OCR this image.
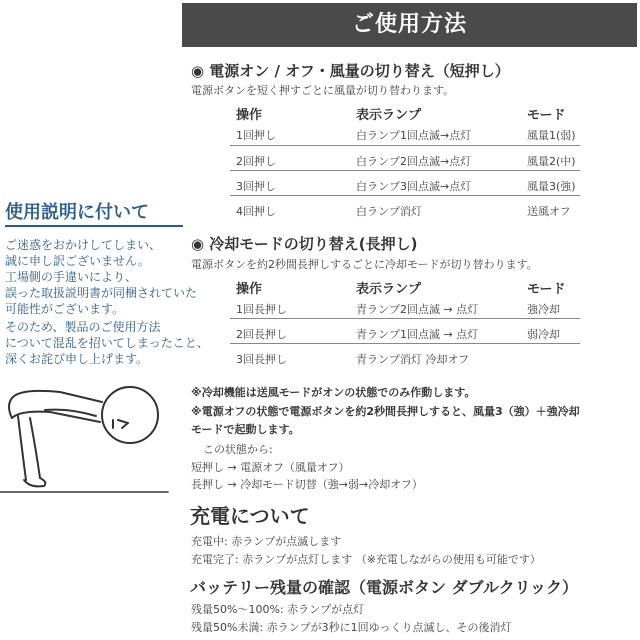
ご使用方法
使用説明に付いて
ご迷惑をおかけしてしまい、
誠に申し訳ございません。
工場側の手違いにより、
誤った取扱説明書が同梱されていた
可能性がございます。
そのため、製品のご使用方法
について混乱を招いてしまったこと、
深くお詫び申し上げます。
◉ 電源オン / オフ・風量の切り替え（短押し）
電源ボタンを短く押すごとに風量が切り替わります。
操作	表示ランプ	モード
1回押し	白ランプ1回点滅→点灯	風量1(弱)
2回押し	白ランプ2回点滅→点灯	風量2(中)
3回押し	白ランプ3回点滅→点灯	風量3(強)
4回押し	白ランプ消灯	送風オフ
◉ 冷却モードの切り替え(長押し)
電源ボタンを約2秒間長押しするごとに冷却モードが切り替わります。
操作	表示ランプ	モード
1回長押し	青ランプ2回点滅 → 点灯	強冷却
2回長押し	青ランプ1回点滅 → 点灯	弱冷却
3回長押し	青ランプ消灯 冷却オフ
※冷却機能は送風モードがオンの状態でのみ作動します。
※電源オフの状態で電源ボタンを約2秒間長押しすると、風量3（強）＋強冷却
モードで起動します。
この状態から:
短押し → 電源オフ（風量オフ）
長押し → 冷却モード切替（強→弱→冷却オフ）
充電について
充電中: 赤ランプが点滅します
充電完了: 赤ランプが点灯します （※充電しながらの使用も可能です）
バッテリー残量の確認（電源ボタン ダブルクリック）
残量50%〜100%: 赤ランプが点灯
残量50%未満: 赤ランプが3秒に1回ゆっくり点滅し、その後消灯
